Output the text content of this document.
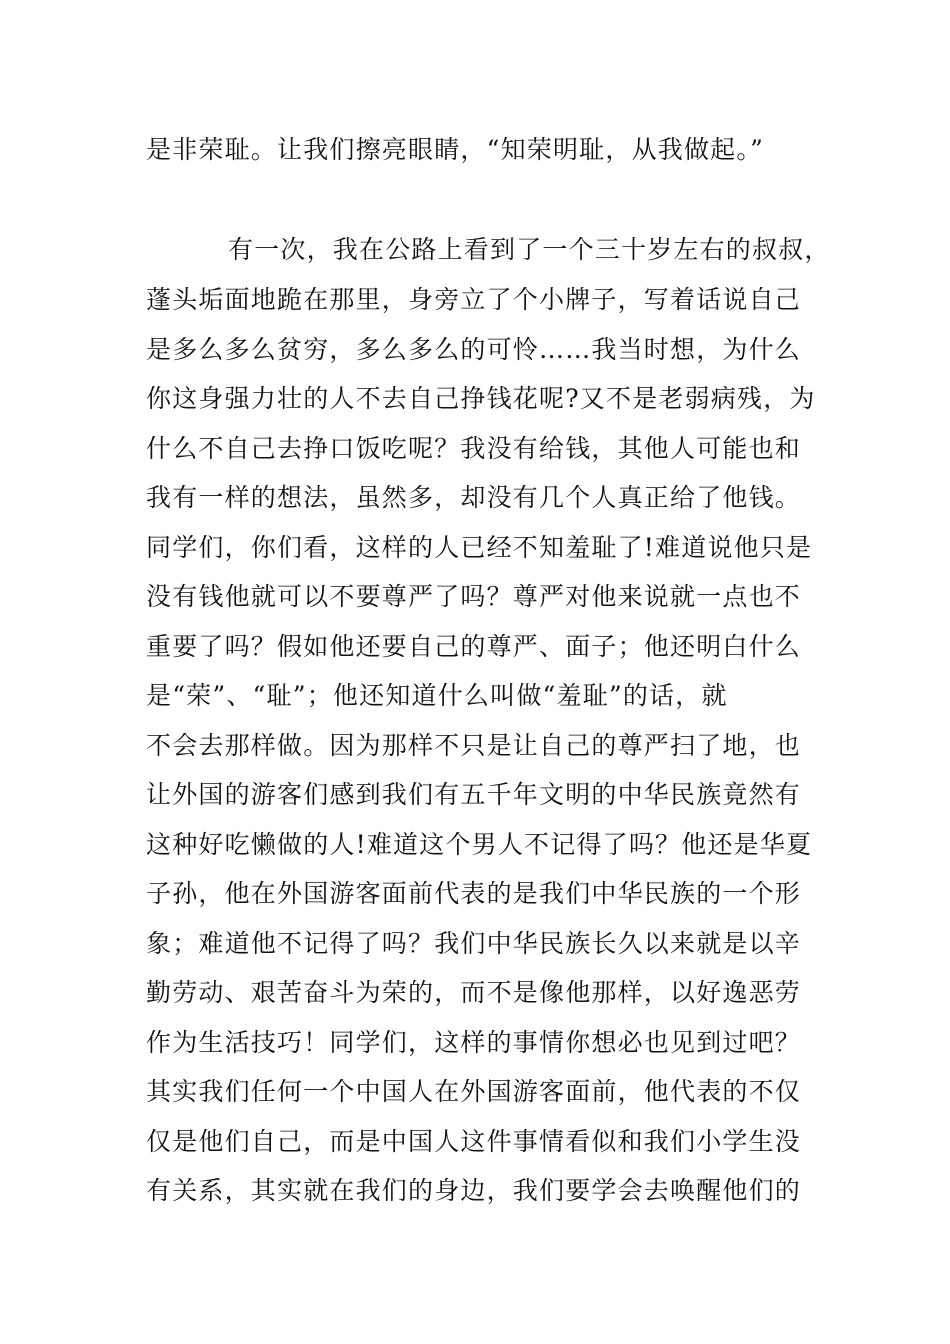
是非荣耻。让我们擦亮眼睛，“知荣明耻，从我做起。”
有一次，我在公路上看到了一个三十岁左右的叔叔，
蓬头垢面地跪在那里，身旁立了个小牌子，写着话说自己
是多么多么贫穷，多么多么的可怜……我当时想，为什么
你这身强力壮的人不去自己挣钱花呢?又不是老弱病残，为
什么不自己去挣口饭吃呢？我没有给钱，其他人可能也和
我有一样的想法，虽然多，却没有几个人真正给了他钱。
同学们，你们看，这样的人已经不知羞耻了!难道说他只是
没有钱他就可以不要尊严了吗？尊严对他来说就一点也不
重要了吗？假如他还要自己的尊严、面子；他还明白什么
是“荣”、“耻”；他还知道什么叫做“羞耻”的话，就
不会去那样做。因为那样不只是让自己的尊严扫了地，也
让外国的游客们感到我们有五千年文明的中华民族竟然有
这种好吃懒做的人!难道这个男人不记得了吗？他还是华夏
子孙，他在外国游客面前代表的是我们中华民族的一个形
象；难道他不记得了吗？我们中华民族长久以来就是以辛
勤劳动、艰苦奋斗为荣的，而不是像他那样，以好逸恶劳
作为生活技巧！同学们，这样的事情你想必也见到过吧？
其实我们任何一个中国人在外国游客面前，他代表的不仅
仅是他们自己，而是中国人这件事情看似和我们小学生没
有关系，其实就在我们的身边，我们要学会去唤醒他们的
